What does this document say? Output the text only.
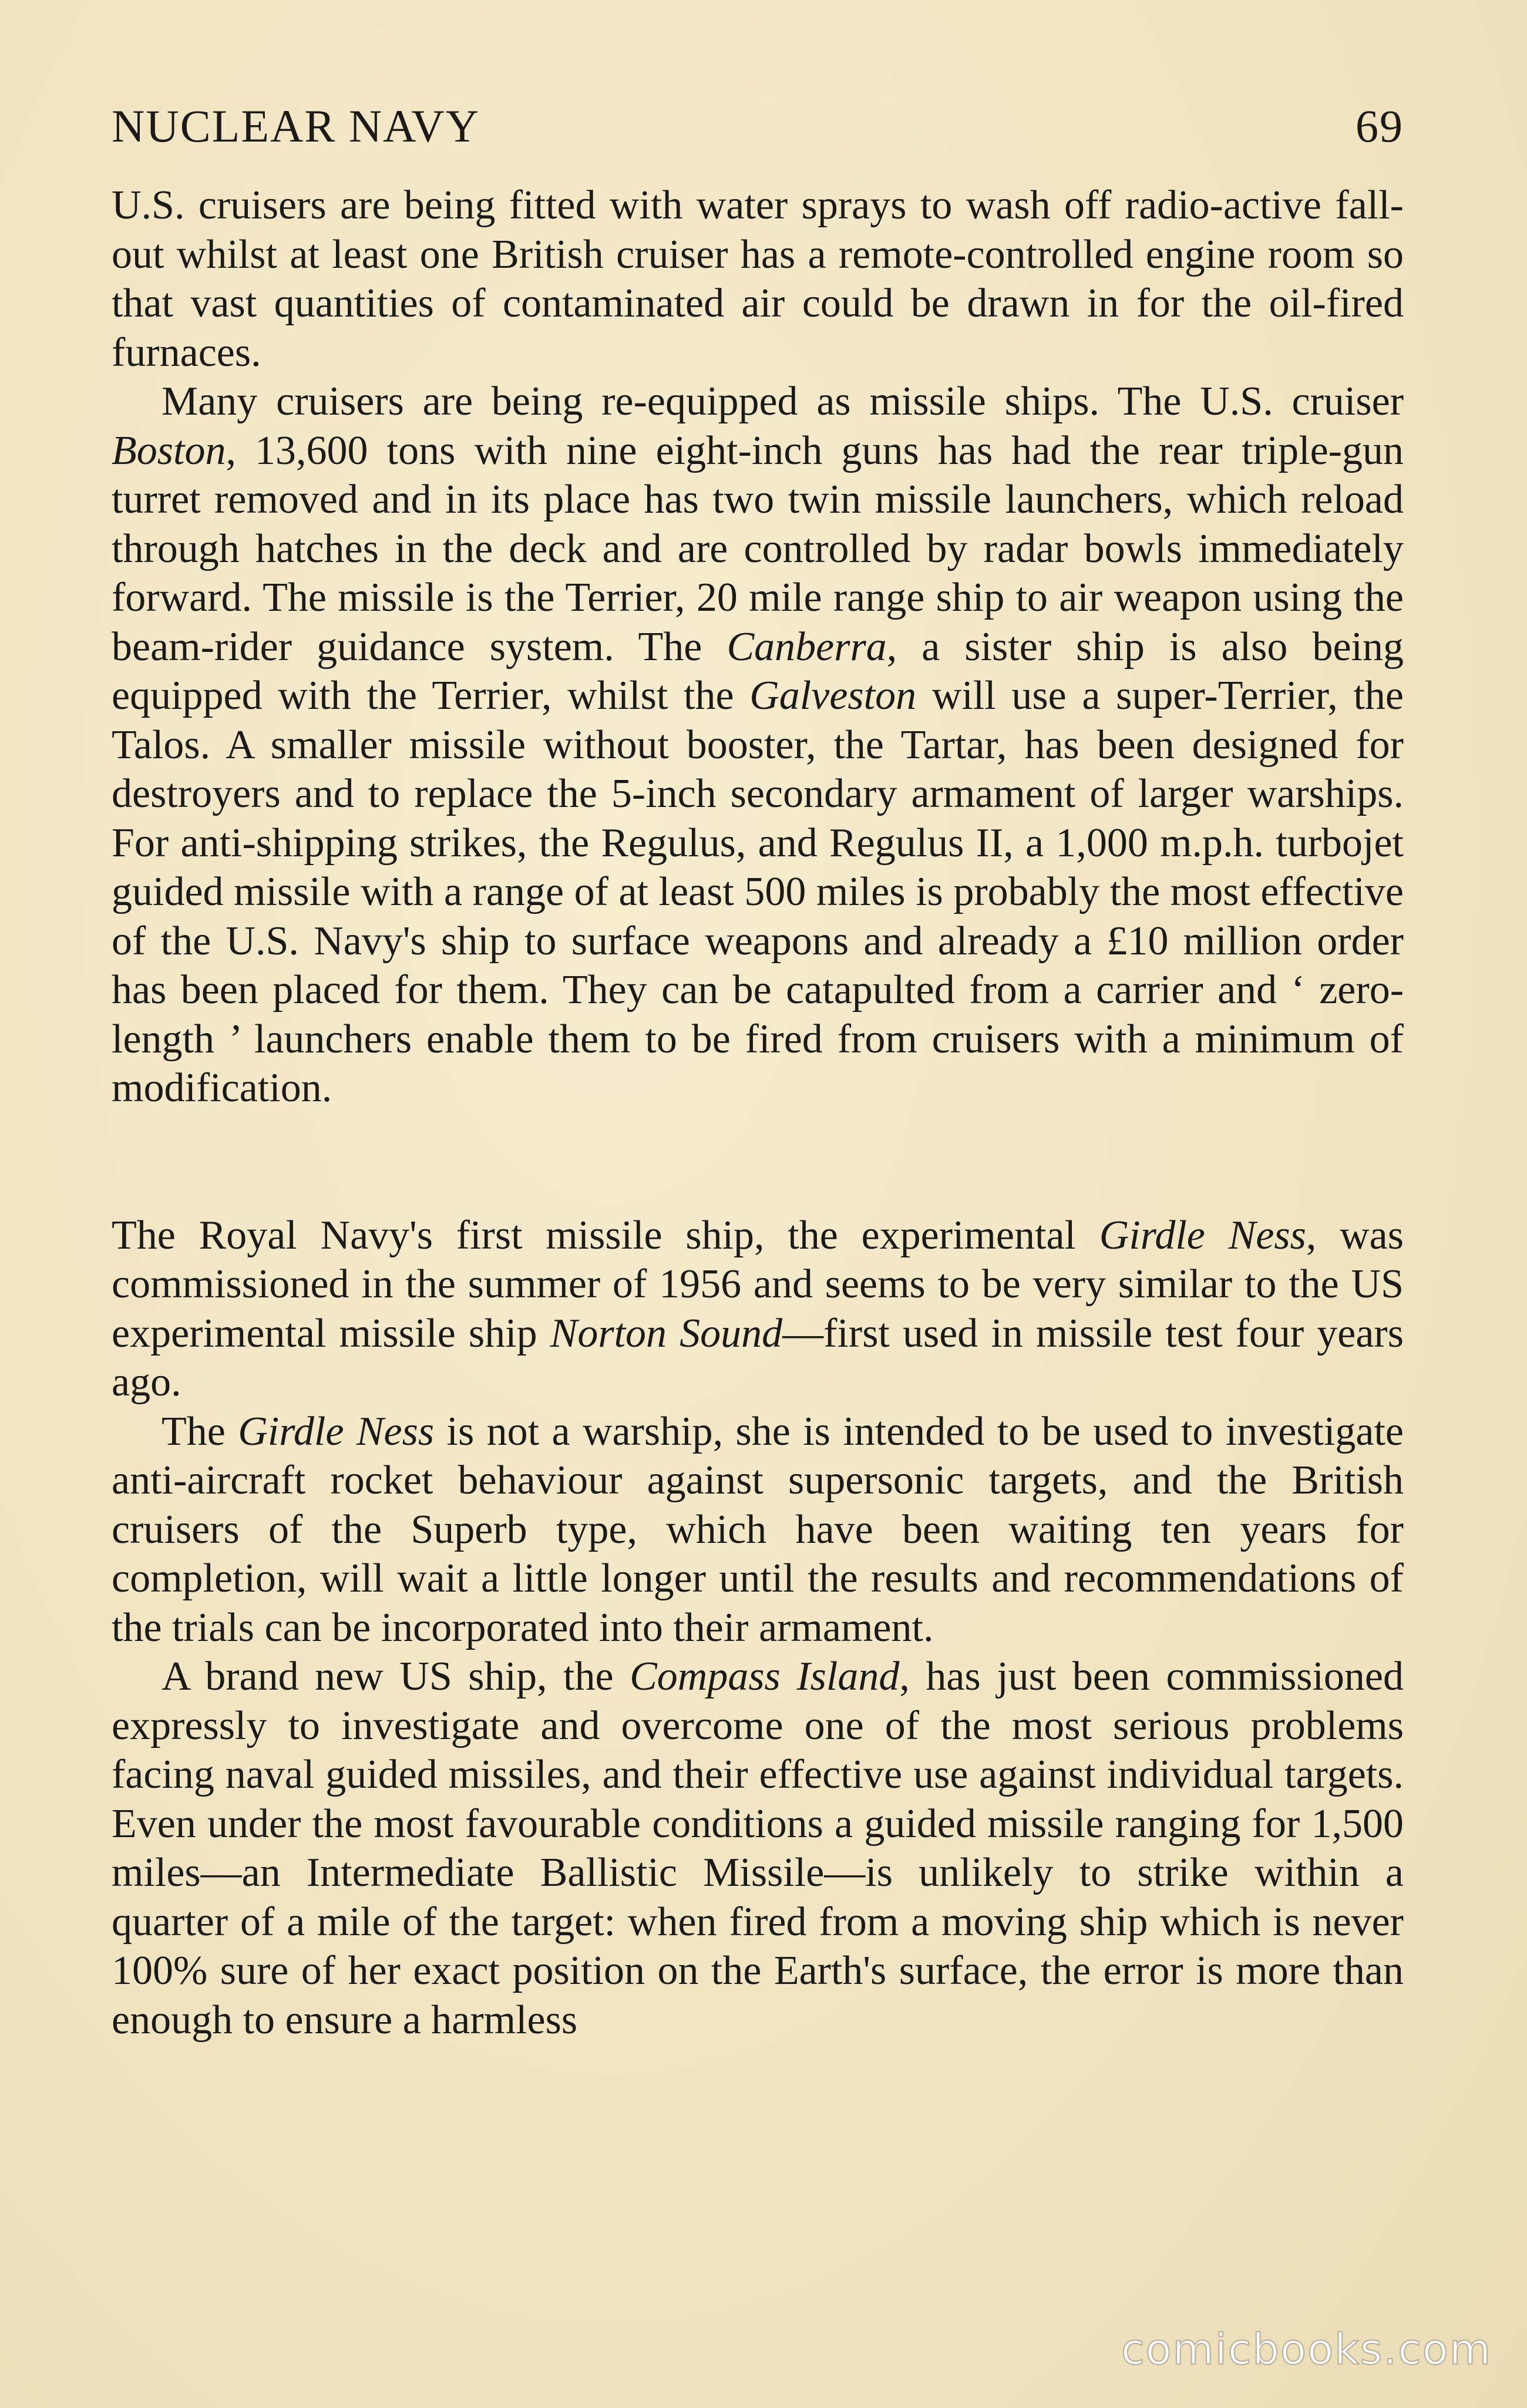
NUCLEAR NAVY	69

U.S. cruisers are being fitted with water sprays to wash off radio-active fall-out whilst at least one British cruiser has a remote-controlled engine room so that vast quantities of contaminated air could be drawn in for the oil-fired furnaces.

Many cruisers are being re-equipped as missile ships. The U.S. cruiser Boston, 13,600 tons with nine eight-inch guns has had the rear triple-gun turret removed and in its place has two twin missile launchers, which reload through hatches in the deck and are controlled by radar bowls immediately forward. The missile is the Terrier, 20 mile range ship to air weapon using the beam-rider guidance system. The Canberra, a sister ship is also being equipped with the Terrier, whilst the Galveston will use a super-Terrier, the Talos. A smaller missile without booster, the Tartar, has been designed for destroyers and to replace the 5-inch secondary armament of larger warships. For anti-shipping strikes, the Regulus, and Regulus II, a 1,000 m.p.h. turbojet guided missile with a range of at least 500 miles is probably the most effective of the U.S. Navy's ship to surface weapons and already a £10 million order has been placed for them. They can be catapulted from a carrier and ‘ zero-length ’ launchers enable them to be fired from cruisers with a minimum of modification.

The Royal Navy's first missile ship, the experimental Girdle Ness, was commissioned in the summer of 1956 and seems to be very similar to the US experimental missile ship Norton Sound—first used in missile test four years ago.

The Girdle Ness is not a warship, she is intended to be used to investigate anti-aircraft rocket behaviour against supersonic targets, and the British cruisers of the Superb type, which have been waiting ten years for completion, will wait a little longer until the results and recommendations of the trials can be incorporated into their armament.

A brand new US ship, the Compass Island, has just been commissioned expressly to investigate and overcome one of the most serious problems facing naval guided missiles, and their effective use against individual targets. Even under the most favourable conditions a guided missile ranging for 1,500 miles—an Intermediate Ballistic Missile—is unlikely to strike within a quarter of a mile of the target: when fired from a moving ship which is never 100% sure of her exact position on the Earth's surface, the error is more than enough to ensure a harmless

comicbooks.com
